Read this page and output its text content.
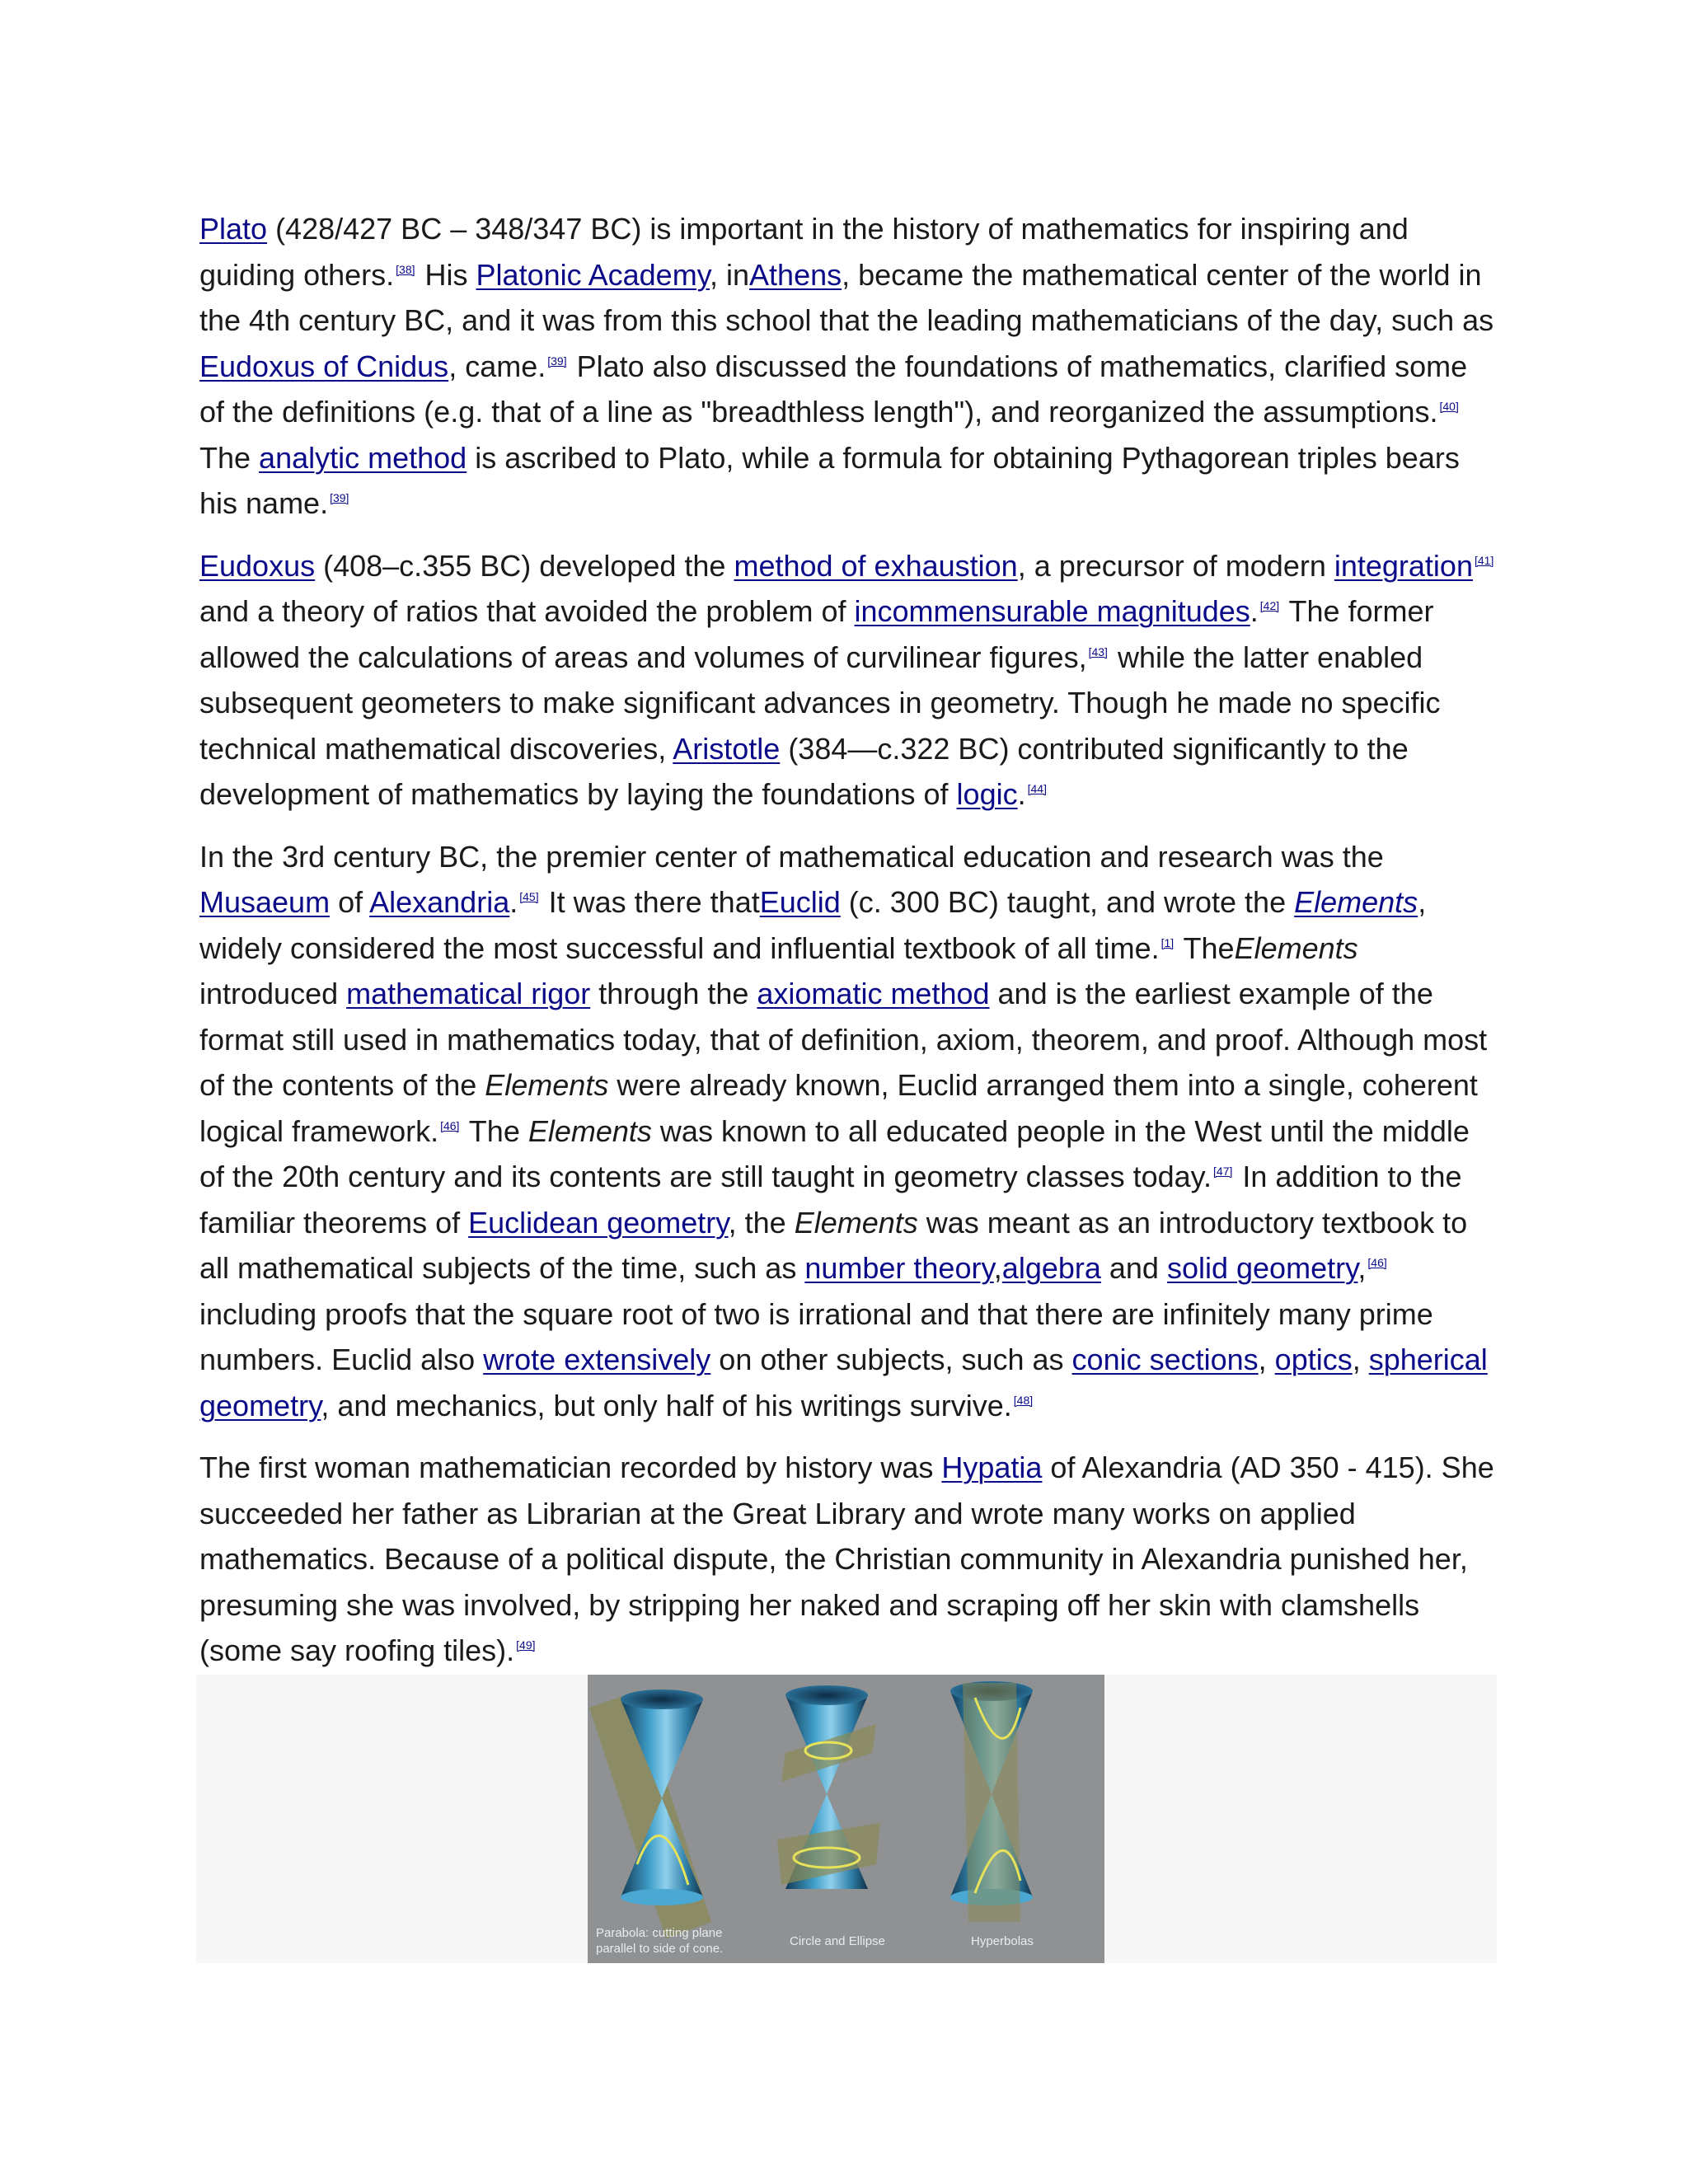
Plato (428/427 BC – 348/347 BC) is important in the history of mathematics for inspiring and guiding others. [38] His Platonic Academy, inAthens, became the mathematical center of the world in the 4th century BC, and it was from this school that the leading mathematicians of the day, such as Eudoxus of Cnidus, came. [39] Plato also discussed the foundations of mathematics, clarified some of the definitions (e.g. that of a line as "breadthless length"), and reorganized the assumptions. [40] The analytic method is ascribed to Plato, while a formula for obtaining Pythagorean triples bears his name. [39]

Eudoxus (408–c.355 BC) developed the method of exhaustion, a precursor of modern integration [41] and a theory of ratios that avoided the problem of incommensurable magnitudes. [42] The former allowed the calculations of areas and volumes of curvilinear figures, [43] while the latter enabled subsequent geometers to make significant advances in geometry. Though he made no specific technical mathematical discoveries, Aristotle (384—c.322 BC) contributed significantly to the development of mathematics by laying the foundations of logic. [44]

In the 3rd century BC, the premier center of mathematical education and research was the Musaeum of Alexandria. [45] It was there thatEuclid (c. 300 BC) taught, and wrote the Elements, widely considered the most successful and influential textbook of all time. [1] TheElements introduced mathematical rigor through the axiomatic method and is the earliest example of the format still used in mathematics today, that of definition, axiom, theorem, and proof. Although most of the contents of the Elements were already known, Euclid arranged them into a single, coherent logical framework. [46] The Elements was known to all educated people in the West until the middle of the 20th century and its contents are still taught in geometry classes today. [47] In addition to the familiar theorems of Euclidean geometry, the Elements was meant as an introductory textbook to all mathematical subjects of the time, such as number theory,algebra and solid geometry, [46] including proofs that the square root of two is irrational and that there are infinitely many prime numbers. Euclid also wrote extensively on other subjects, such as conic sections, optics, spherical geometry, and mechanics, but only half of his writings survive. [48]

The first woman mathematician recorded by history was Hypatia of Alexandria (AD 350 - 415). She succeeded her father as Librarian at the Great Library and wrote many works on applied mathematics. Because of a political dispute, the Christian community in Alexandria punished her, presuming she was involved, by stripping her naked and scraping off her skin with clamshells (some say roofing tiles). [49]

Parabola: cutting plane
parallel to side of cone.
Circle and Ellipse	Hyperbolas
